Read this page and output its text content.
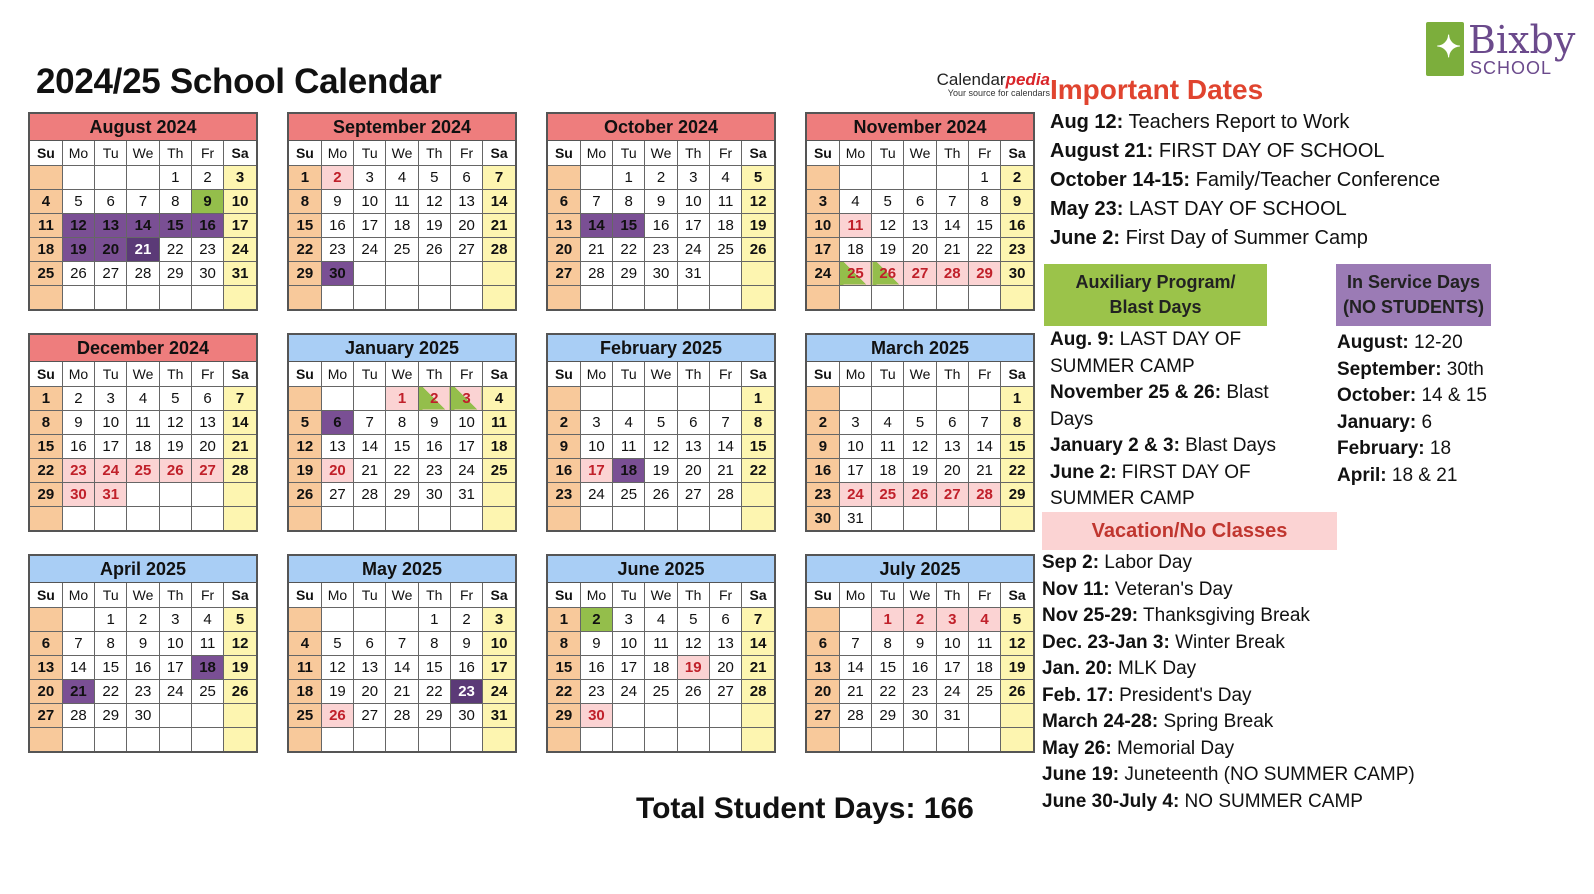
2024/25 School Calendar	Calendarpedia
Your source for calendars
✦ Bixby
SCHOOL
August 2024
Su	Mo	Tu	We	Th	Fr	Sa
				1	2	3
4	5	6	7	8	9	10
11	12	13	14	15	16	17
18	19	20	21	22	23	24
25	26	27	28	29	30	31

September 2024
Su	Mo	Tu	We	Th	Fr	Sa
1	2	3	4	5	6	7
8	9	10	11	12	13	14
15	16	17	18	19	20	21
22	23	24	25	26	27	28
29	30					

October 2024
Su	Mo	Tu	We	Th	Fr	Sa
		1	2	3	4	5
6	7	8	9	10	11	12
13	14	15	16	17	18	19
20	21	22	23	24	25	26
27	28	29	30	31		

November 2024
Su	Mo	Tu	We	Th	Fr	Sa
					1	2
3	4	5	6	7	8	9
10	11	12	13	14	15	16
17	18	19	20	21	22	23
24	25	26	27	28	29	30

December 2024
Su	Mo	Tu	We	Th	Fr	Sa
1	2	3	4	5	6	7
8	9	10	11	12	13	14
15	16	17	18	19	20	21
22	23	24	25	26	27	28
29	30	31				

January 2025
Su	Mo	Tu	We	Th	Fr	Sa
			1	2	3	4
5	6	7	8	9	10	11
12	13	14	15	16	17	18
19	20	21	22	23	24	25
26	27	28	29	30	31	

February 2025
Su	Mo	Tu	We	Th	Fr	Sa
						1
2	3	4	5	6	7	8
9	10	11	12	13	14	15
16	17	18	19	20	21	22
23	24	25	26	27	28	

March 2025
Su	Mo	Tu	We	Th	Fr	Sa
						1
2	3	4	5	6	7	8
9	10	11	12	13	14	15
16	17	18	19	20	21	22
23	24	25	26	27	28	29
30	31					
April 2025
Su	Mo	Tu	We	Th	Fr	Sa
		1	2	3	4	5
6	7	8	9	10	11	12
13	14	15	16	17	18	19
20	21	22	23	24	25	26
27	28	29	30			

May 2025
Su	Mo	Tu	We	Th	Fr	Sa
				1	2	3
4	5	6	7	8	9	10
11	12	13	14	15	16	17
18	19	20	21	22	23	24
25	26	27	28	29	30	31

June 2025
Su	Mo	Tu	We	Th	Fr	Sa
1	2	3	4	5	6	7
8	9	10	11	12	13	14
15	16	17	18	19	20	21
22	23	24	25	26	27	28
29	30					

July 2025
Su	Mo	Tu	We	Th	Fr	Sa
		1	2	3	4	5
6	7	8	9	10	11	12
13	14	15	16	17	18	19
20	21	22	23	24	25	26
27	28	29	30	31		

Important Dates
Aug 12: Teachers Report to Work
August 21: FIRST DAY OF SCHOOL
October 14-15: Family/Teacher Conference
May 23: LAST DAY OF SCHOOL
June 2: First Day of Summer Camp
Auxiliary Program/
Blast Days
Aug. 9: LAST DAY OF SUMMER CAMP
November 25 & 26: Blast Days
January 2 & 3: Blast Days
June 2: FIRST DAY OF SUMMER CAMP
In Service Days
(NO STUDENTS)
August: 12-20
September: 30th
October: 14 & 15
January: 6
February: 18
April: 18 & 21
Vacation/No Classes
Sep 2: Labor Day
Nov 11: Veteran's Day
Nov 25-29: Thanksgiving Break
Dec. 23-Jan 3: Winter Break
Jan. 20: MLK Day
Feb. 17: President's Day
March 24-28: Spring Break
May 26: Memorial Day
June 19: Juneteenth (NO SUMMER CAMP)
June 30-July 4: NO SUMMER CAMP
Total Student Days: 166
